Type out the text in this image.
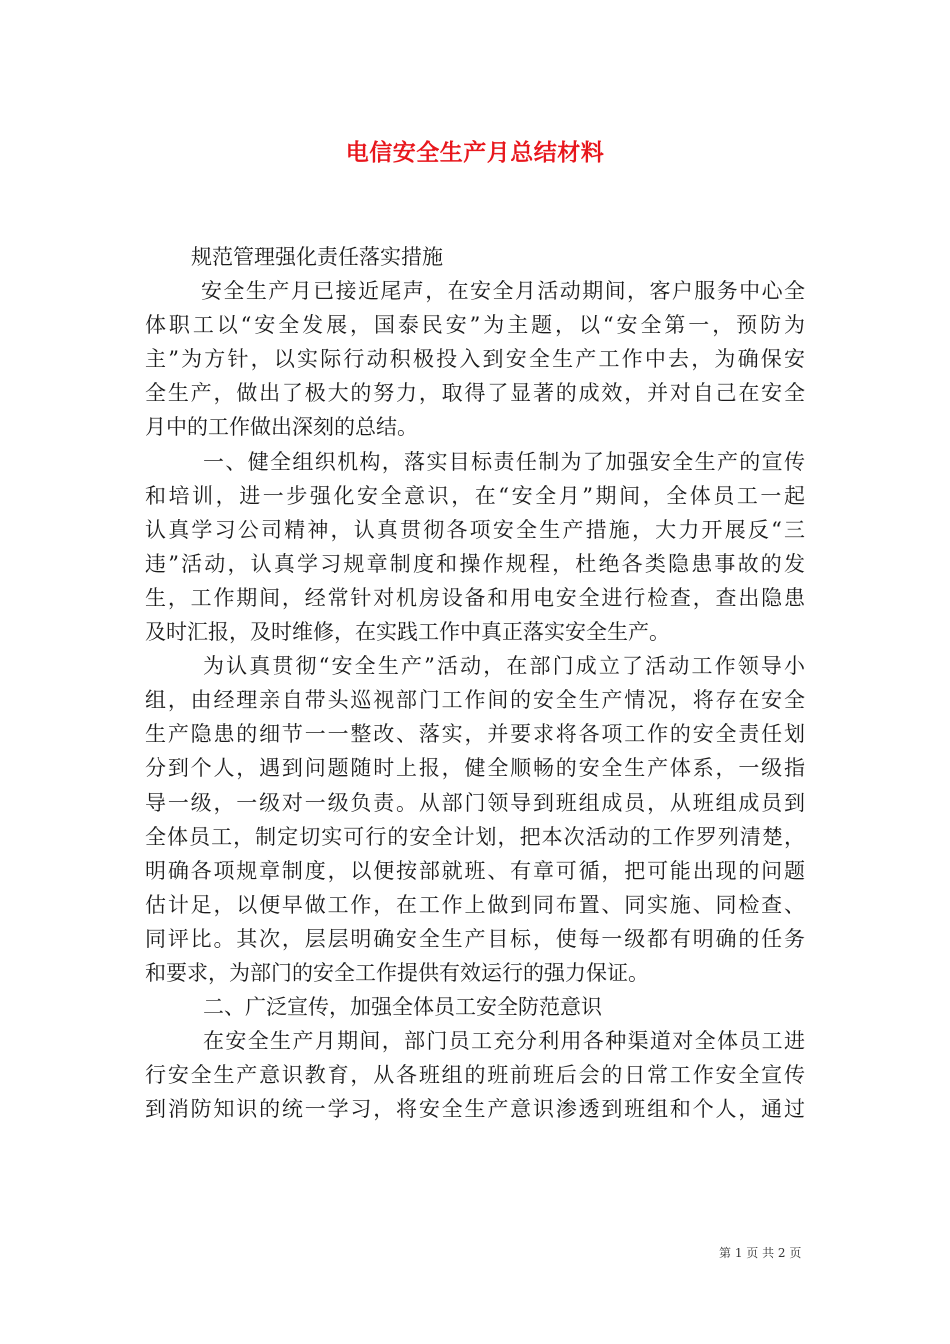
电信安全生产月总结材料
规范管理强化责任落实措施
安全生产月已接近尾声，在安全月活动期间，客户服务中心全
体职工以“安全发展，国泰民安”为主题，以“安全第一，预防为
主”为方针，以实际行动积极投入到安全生产工作中去，为确保安
全生产，做出了极大的努力，取得了显著的成效，并对自己在安全
月中的工作做出深刻的总结。
一、健全组织机构，落实目标责任制为了加强安全生产的宣传
和培训，进一步强化安全意识，在“安全月”期间，全体员工一起
认真学习公司精神，认真贯彻各项安全生产措施，大力开展反“三
违”活动，认真学习规章制度和操作规程，杜绝各类隐患事故的发
生，工作期间，经常针对机房设备和用电安全进行检查，查出隐患
及时汇报，及时维修，在实践工作中真正落实安全生产。
为认真贯彻“安全生产”活动，在部门成立了活动工作领导小
组，由经理亲自带头巡视部门工作间的安全生产情况，将存在安全
生产隐患的细节一一整改、落实，并要求将各项工作的安全责任划
分到个人，遇到问题随时上报，健全顺畅的安全生产体系，一级指
导一级，一级对一级负责。从部门领导到班组成员，从班组成员到
全体员工，制定切实可行的安全计划，把本次活动的工作罗列清楚，
明确各项规章制度，以便按部就班、有章可循，把可能出现的问题
估计足，以便早做工作，在工作上做到同布置、同实施、同检查、
同评比。其次，层层明确安全生产目标，使每一级都有明确的任务
和要求，为部门的安全工作提供有效运行的强力保证。
二、广泛宣传，加强全体员工安全防范意识
在安全生产月期间，部门员工充分利用各种渠道对全体员工进
行安全生产意识教育，从各班组的班前班后会的日常工作安全宣传
到消防知识的统一学习，将安全生产意识渗透到班组和个人，通过
第 1 页 共 2 页
